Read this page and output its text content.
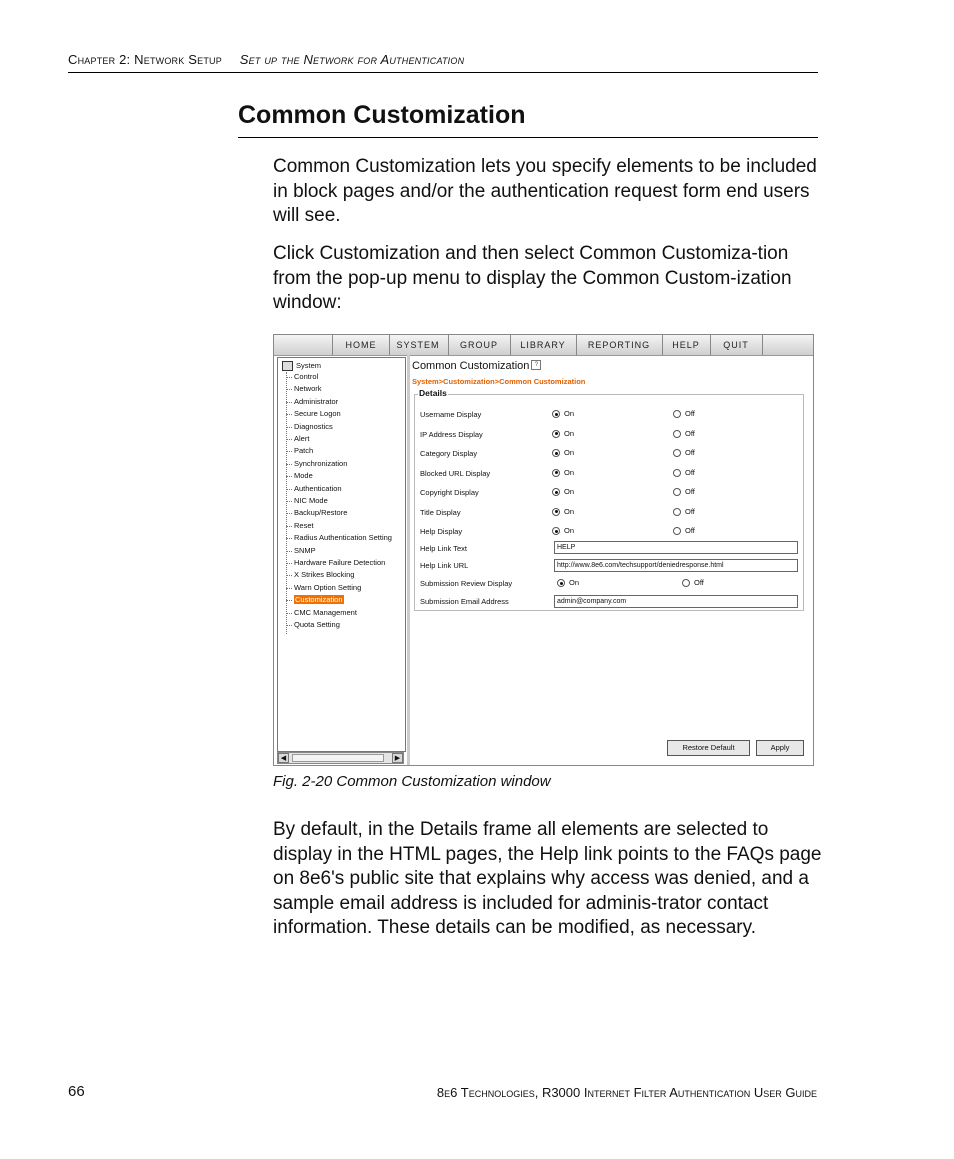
Chapter 2: Network Setup Set up the Network for Authentication
Common Customization

Common Customization lets you specify elements to be included in block pages and/or the authentication request form end users will see.

Click Customization and then select Common Customiza-tion from the pop-up menu to display the Common Custom-ization window:

HOME	SYSTEM	GROUP	LIBRARY	REPORTING	HELP	QUIT
System
Control
Network
Administrator
Secure Logon
Diagnostics
Alert
Patch
Synchronization
Mode
Authentication
NIC Mode
Backup/Restore
Reset
Radius Authentication Setting
SNMP
Hardware Failure Detection
X Strikes Blocking
Warn Option Setting
Customization
CMC Management
Quota Setting
◀	▶
Common Customization ?
System>Customization>Common Customization
Details
Username Display	On	Off
IP Address Display	On	Off
Category Display	On	Off
Blocked URL Display	On	Off
Copyright Display	On	Off
Title Display	On	Off
Help Display	On	Off
Help Link Text	HELP
Help Link URL	http://www.8e6.com/techsupport/deniedresponse.html
Submission Review Display	On	Off
Submission Email Address	admin@company.com
Restore Default	Apply
Fig. 2-20 Common Customization window

By default, in the Details frame all elements are selected to display in the HTML pages, the Help link points to the FAQs page on 8e6's public site that explains why access was denied, and a sample email address is included for adminis-trator contact information. These details can be modified, as necessary.

66	8e6 Technologies, R3000 Internet Filter Authentication User Guide
